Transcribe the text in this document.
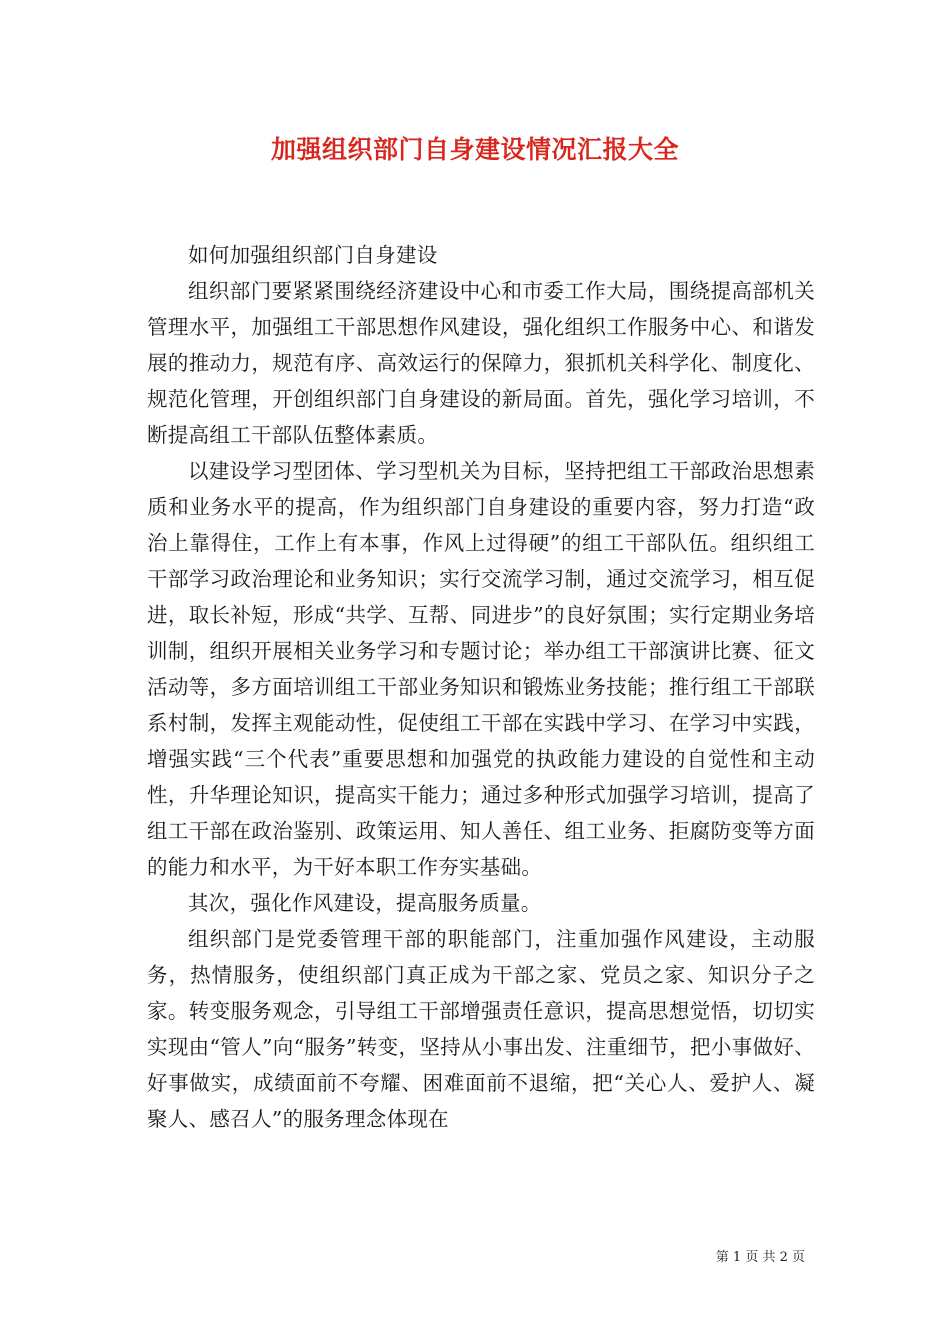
加强组织部门自身建设情况汇报大全

如何加强组织部门自身建设

组织部门要紧紧围绕经济建设中心和市委工作大局，围绕提高部机关管理水平，加强组工干部思想作风建设，强化组织工作服务中心、和谐发展的推动力，规范有序、高效运行的保障力，狠抓机关科学化、制度化、规范化管理，开创组织部门自身建设的新局面。首先，强化学习培训，不断提高组工干部队伍整体素质。

以建设学习型团体、学习型机关为目标，坚持把组工干部政治思想素质和业务水平的提高，作为组织部门自身建设的重要内容，努力打造“政治上靠得住，工作上有本事，作风上过得硬”的组工干部队伍。组织组工干部学习政治理论和业务知识；实行交流学习制，通过交流学习，相互促进，取长补短，形成“共学、互帮、同进步”的良好氛围；实行定期业务培训制，组织开展相关业务学习和专题讨论；举办组工干部演讲比赛、征文活动等，多方面培训组工干部业务知识和锻炼业务技能；推行组工干部联系村制，发挥主观能动性，促使组工干部在实践中学习、在学习中实践，增强实践“三个代表”重要思想和加强党的执政能力建设的自觉性和主动性，升华理论知识，提高实干能力；通过多种形式加强学习培训，提高了组工干部在政治鉴别、政策运用、知人善任、组工业务、拒腐防变等方面的能力和水平，为干好本职工作夯实基础。

其次，强化作风建设，提高服务质量。

组织部门是党委管理干部的职能部门，注重加强作风建设，主动服务，热情服务，使组织部门真正成为干部之家、党员之家、知识分子之家。转变服务观念，引导组工干部增强责任意识，提高思想觉悟，切切实实现由“管人”向“服务”转变，坚持从小事出发、注重细节，把小事做好、好事做实，成绩面前不夸耀、困难面前不退缩，把“关心人、爱护人、凝聚人、感召人”的服务理念体现在

第 1 页 共 2 页
